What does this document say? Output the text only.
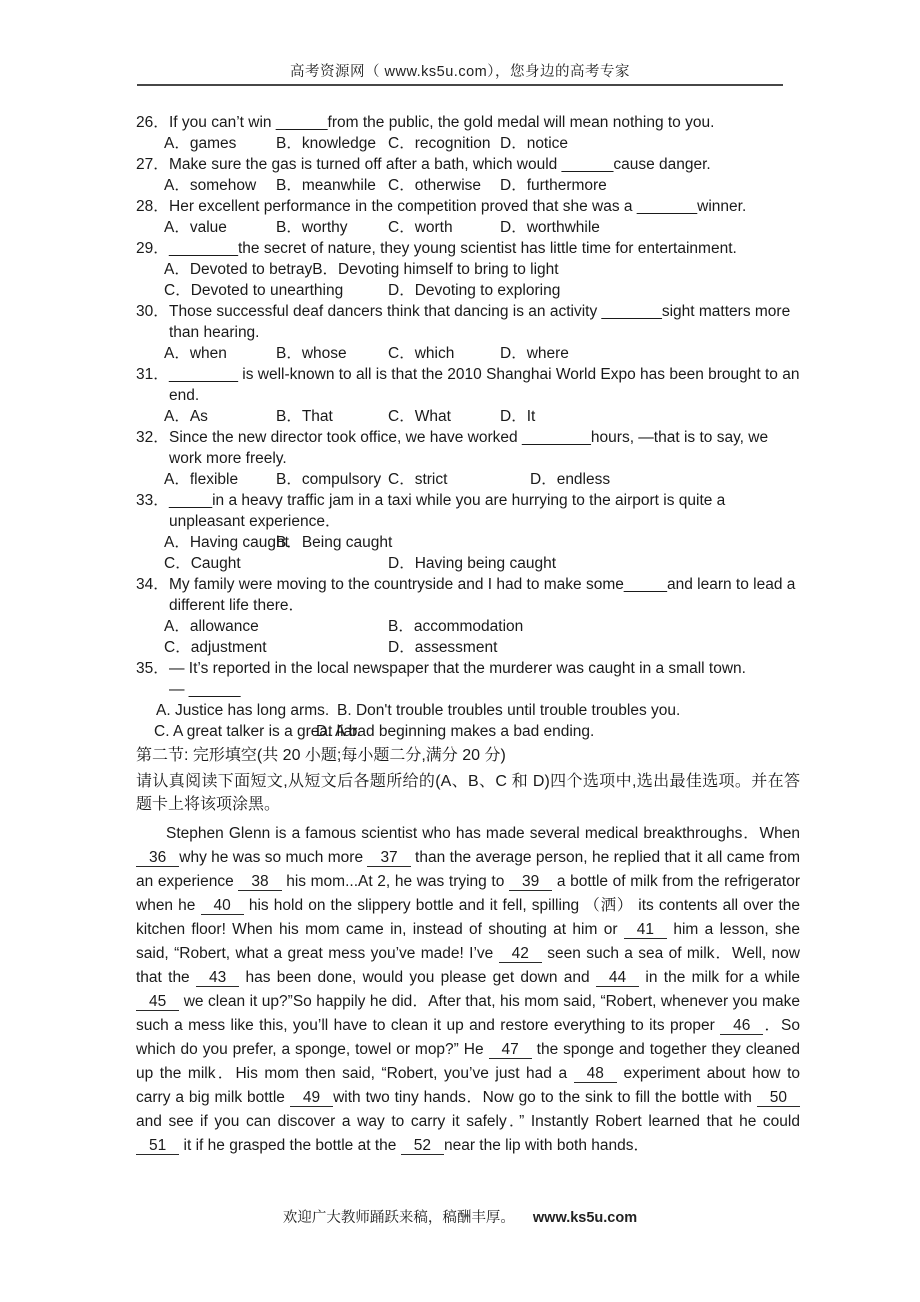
高考资源网（ www.ks5u.com），您身边的高考专家
26． If you can’t win ______from the public, the gold medal will mean nothing to you.
A．games	B．knowledge C．recognition D．notice
27． Make sure the gas is turned off after a bath, which would ______cause danger.
A．somehow	B．meanwhile C．otherwise	D．furthermore
28． Her excellent performance in the competition proved that she was a _______winner.
A．value	B．worthy	C．worth	D．worthwhile
29． ________the secret of nature, they young scientist has little time for entertainment.
A．Devoted to betray B．Devoting himself to bring to light
C．Devoted to unearthing	D．Devoting to exploring
30． Those successful deaf dancers think that dancing is an activity _______sight matters more than hearing.
A．when	B．whose	C．which	D．where
31． ________ is well-known to all is that the 2010 Shanghai World Expo has been brought to an end.
A．As	B．That	C．What	D．It
32． Since the new director took office, we have worked ________hours, —that is to say, we work more freely.
A．flexible	B．compulsory C．strict	D．endless
33． _____in a heavy traffic jam in a taxi while you are hurrying to the airport is quite a unpleasant experience．
A．Having caught
B．Being caught
C．Caught	D．Having being caught
34． My family were moving to the countryside and I had to make some_____and learn to lead a different life there．
A．allowance	B．accommodation
C．adjustment	D．assessment
35． — It’s reported in the local newspaper that the murderer was caught in a small town.
— ______
A. Justice has long arms. B. Don't trouble troubles until trouble troubles you.
C. A great talker is a great liar.
D. A bad beginning makes a bad ending.
第二节: 完形填空(共 20 小题;每小题二分,满分 20 分)
请认真阅读下面短文,从短文后各题所给的(A、B、C 和 D)四个选项中,选出最佳选项。并在答题卡上将该项涂黑。

Stephen Glenn is a famous scientist who has made several medical breakthroughs．When 36 why he was so much more 37 than the average person, he replied that it all came from an experience 38 his mom...At 2, he was trying to 39 a bottle of milk from the refrigerator when he 40 his hold on the slippery bottle and it fell, spilling （洒） its contents all over the kitchen floor! When his mom came in, instead of shouting at him or 41 him a lesson, she said, “Robert, what a great mess you’ve made! I’ve 42 seen such a sea of milk．Well, now that the 43 has been done, would you please get down and 44 in the milk for a while 45 we clean it up?”So happily he did．After that, his mom said, “Robert, whenever you make such a mess like this, you’ll have to clean it up and restore everything to its proper 46 ．So which do you prefer, a sponge, towel or mop?” He 47 the sponge and together they cleaned up the milk．His mom then said, “Robert, you’ve just had a 48 experiment about how to carry a big milk bottle 49 with two tiny hands．Now go to the sink to fill the bottle with 50 and see if you can discover a way to carry it safely．” Instantly Robert learned that he could 51 it if he grasped the bottle at the 52 near the lip with both hands．

欢迎广大教师踊跃来稿，稿酬丰厚。 www.ks5u.com
